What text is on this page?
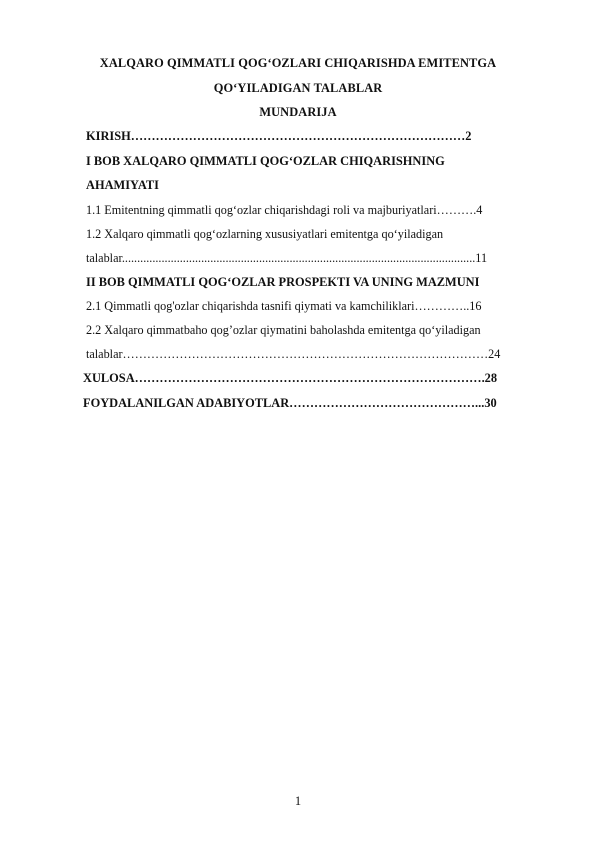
XALQARO QIMMATLI QOG‘OZLARI CHIQARISHDA EMITENTGA
QO‘YILADIGAN TALABLAR
MUNDARIJA
KIRISH………………………………………………………………………2
I BOB XALQARO QIMMATLI QOG‘OZLAR CHIQARISHNING
AHAMIYATI
1.1 Emitentning qimmatli qog‘ozlar chiqarishdagi roli va majburiyatlari……….4
1.2 Xalqaro qimmatli qog‘ozlarning xususiyatlari emitentga qo‘yiladigan
talablar....................................................................................................................11
II BOB QIMMATLI QOG‘OZLAR PROSPEKTI VA UNING MAZMUNI
2.1 Qimmatli qog'ozlar chiqarishda tasnifi qiymati va kamchiliklari…………..16
2.2 Xalqaro qimmatbaho qog’ozlar qiymatini baholashda emitentga qo‘yiladigan
talablar………………………………………………………………………………24
XULOSA………………………………………………………………………….28
FOYDALANILGAN ADABIYOTLAR………………………………………...30
1
